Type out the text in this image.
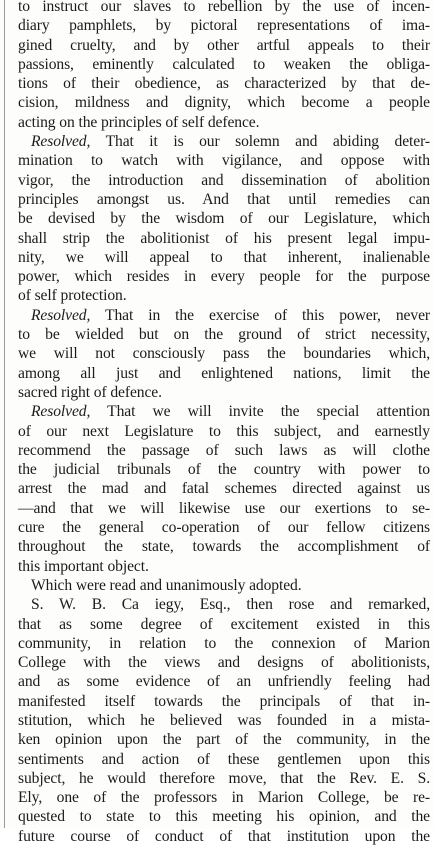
to instruct our slaves to rebellion by the use of incen-
diary pamphlets, by pictoral representations of ima-
gined cruelty, and by other artful appeals to their
passions, eminently calculated to weaken the obliga-
tions of their obedience, as characterized by that de-
cision, mildness and dignity, which become a people
acting on the principles of self defence.
Resolved, That it is our solemn and abiding deter-
mination to watch with vigilance, and oppose with
vigor, the introduction and dissemination of abolition
principles amongst us. And that until remedies can
be devised by the wisdom of our Legislature, which
shall strip the abolitionist of his present legal impu-
nity, we will appeal to that inherent, inalienable
power, which resides in every people for the purpose
of self protection.
Resolved, That in the exercise of this power, never
to be wielded but on the ground of strict necessity,
we will not consciously pass the boundaries which,
among all just and enlightened nations, limit the
sacred right of defence.
Resolved, That we will invite the special attention
of our next Legislature to this subject, and earnestly
recommend the passage of such laws as will clothe
the judicial tribunals of the country with power to
arrest the mad and fatal schemes directed against us
—and that we will likewise use our exertions to se-
cure the general co-operation of our fellow citizens
throughout the state, towards the accomplishment of
this important object.
Which were read and unanimously adopted.
S. W. B. Ca iegy, Esq., then rose and remarked,
that as some degree of excitement existed in this
community, in relation to the connexion of Marion
College with the views and designs of abolitionists,
and as some evidence of an unfriendly feeling had
manifested itself towards the principals of that in-
stitution, which he believed was founded in a mista-
ken opinion upon the part of the community, in the
sentiments and action of these gentlemen upon this
subject, he would therefore move, that the Rev. E. S.
Ely, one of the professors in Marion College, be re-
quested to state to this meeting his opinion, and the
future course of conduct of that institution upon the
